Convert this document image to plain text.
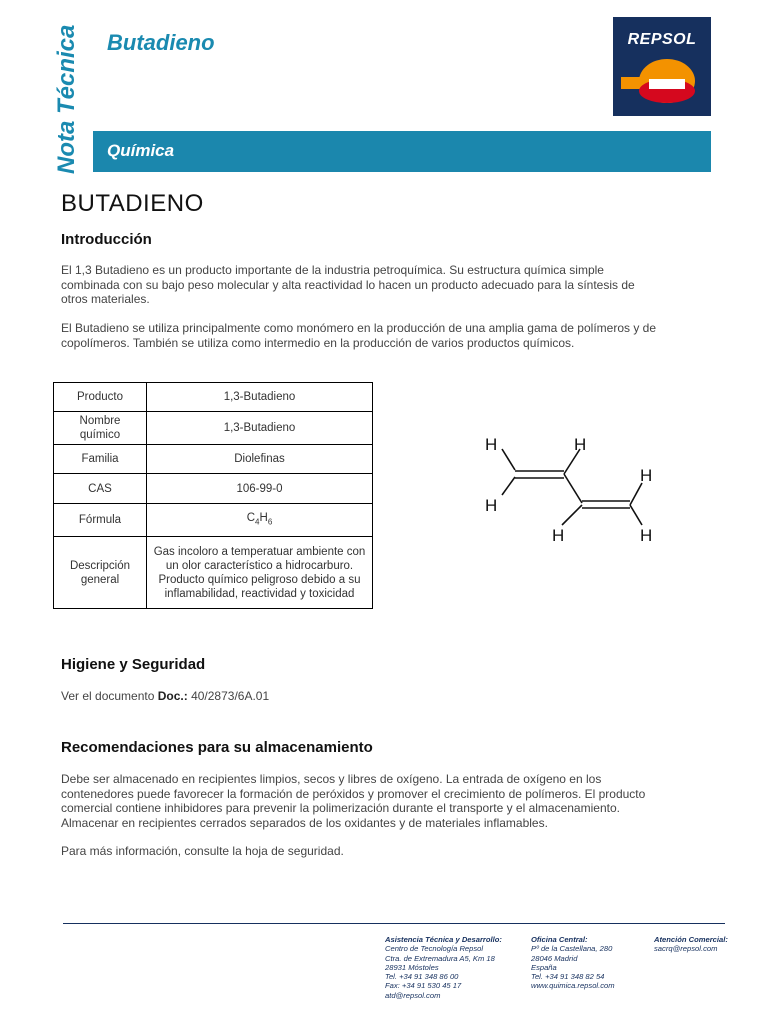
Nota Técnica Butadieno	REPSOL
Química
BUTADIENO
Introducción
El 1,3 Butadieno es un producto importante de la industria petroquímica. Su estructura química simple
combinada con su bajo peso molecular y alta reactividad lo hacen un producto adecuado para la síntesis de
otros materiales.
El Butadieno se utiliza principalmente como monómero en la producción de una amplia gama de polímeros y de
copolímeros. También se utiliza como intermedio en la producción de varios productos químicos.
Producto	1,3-Butadieno
Nombre químico	1,3-Butadieno
Familia	Diolefinas
CAS	106-99-0
Fórmula	$C_4H_6$
Descripción general	Gas incoloro a temperatuar ambiente con un olor característico a hidrocarburo. Producto químico peligroso debido a su inflamabilidad, reactividad y toxicidad
H	H
H
H
H	H
Higiene y Seguridad
Ver el documento Doc.: 40/2873/6A.01
Recomendaciones para su almacenamiento
Debe ser almacenado en recipientes limpios, secos y libres de oxígeno. La entrada de oxígeno en los
contenedores puede favorecer la formación de peróxidos y promover el crecimiento de polímeros. El producto
comercial contiene inhibidores para prevenir la polimerización durante el transporte y el almacenamiento.
Almacenar en recipientes cerrados separados de los oxidantes y de materiales inflamables.
Para más información, consulte la hoja de seguridad.
Asistencia Técnica y Desarrollo:
Centro de Tecnología Repsol
Ctra. de Extremadura A5, Km 18
28931 Móstoles
Tel. +34 91 348 86 00
Fax: +34 91 530 45 17
atd@repsol.com
Oficina Central:
Pº de la Castellana, 280
28046 Madrid
España
Tel. +34 91 348 82 54
www.quimica.repsol.com
Atención Comercial:
sacrq@repsol.com
